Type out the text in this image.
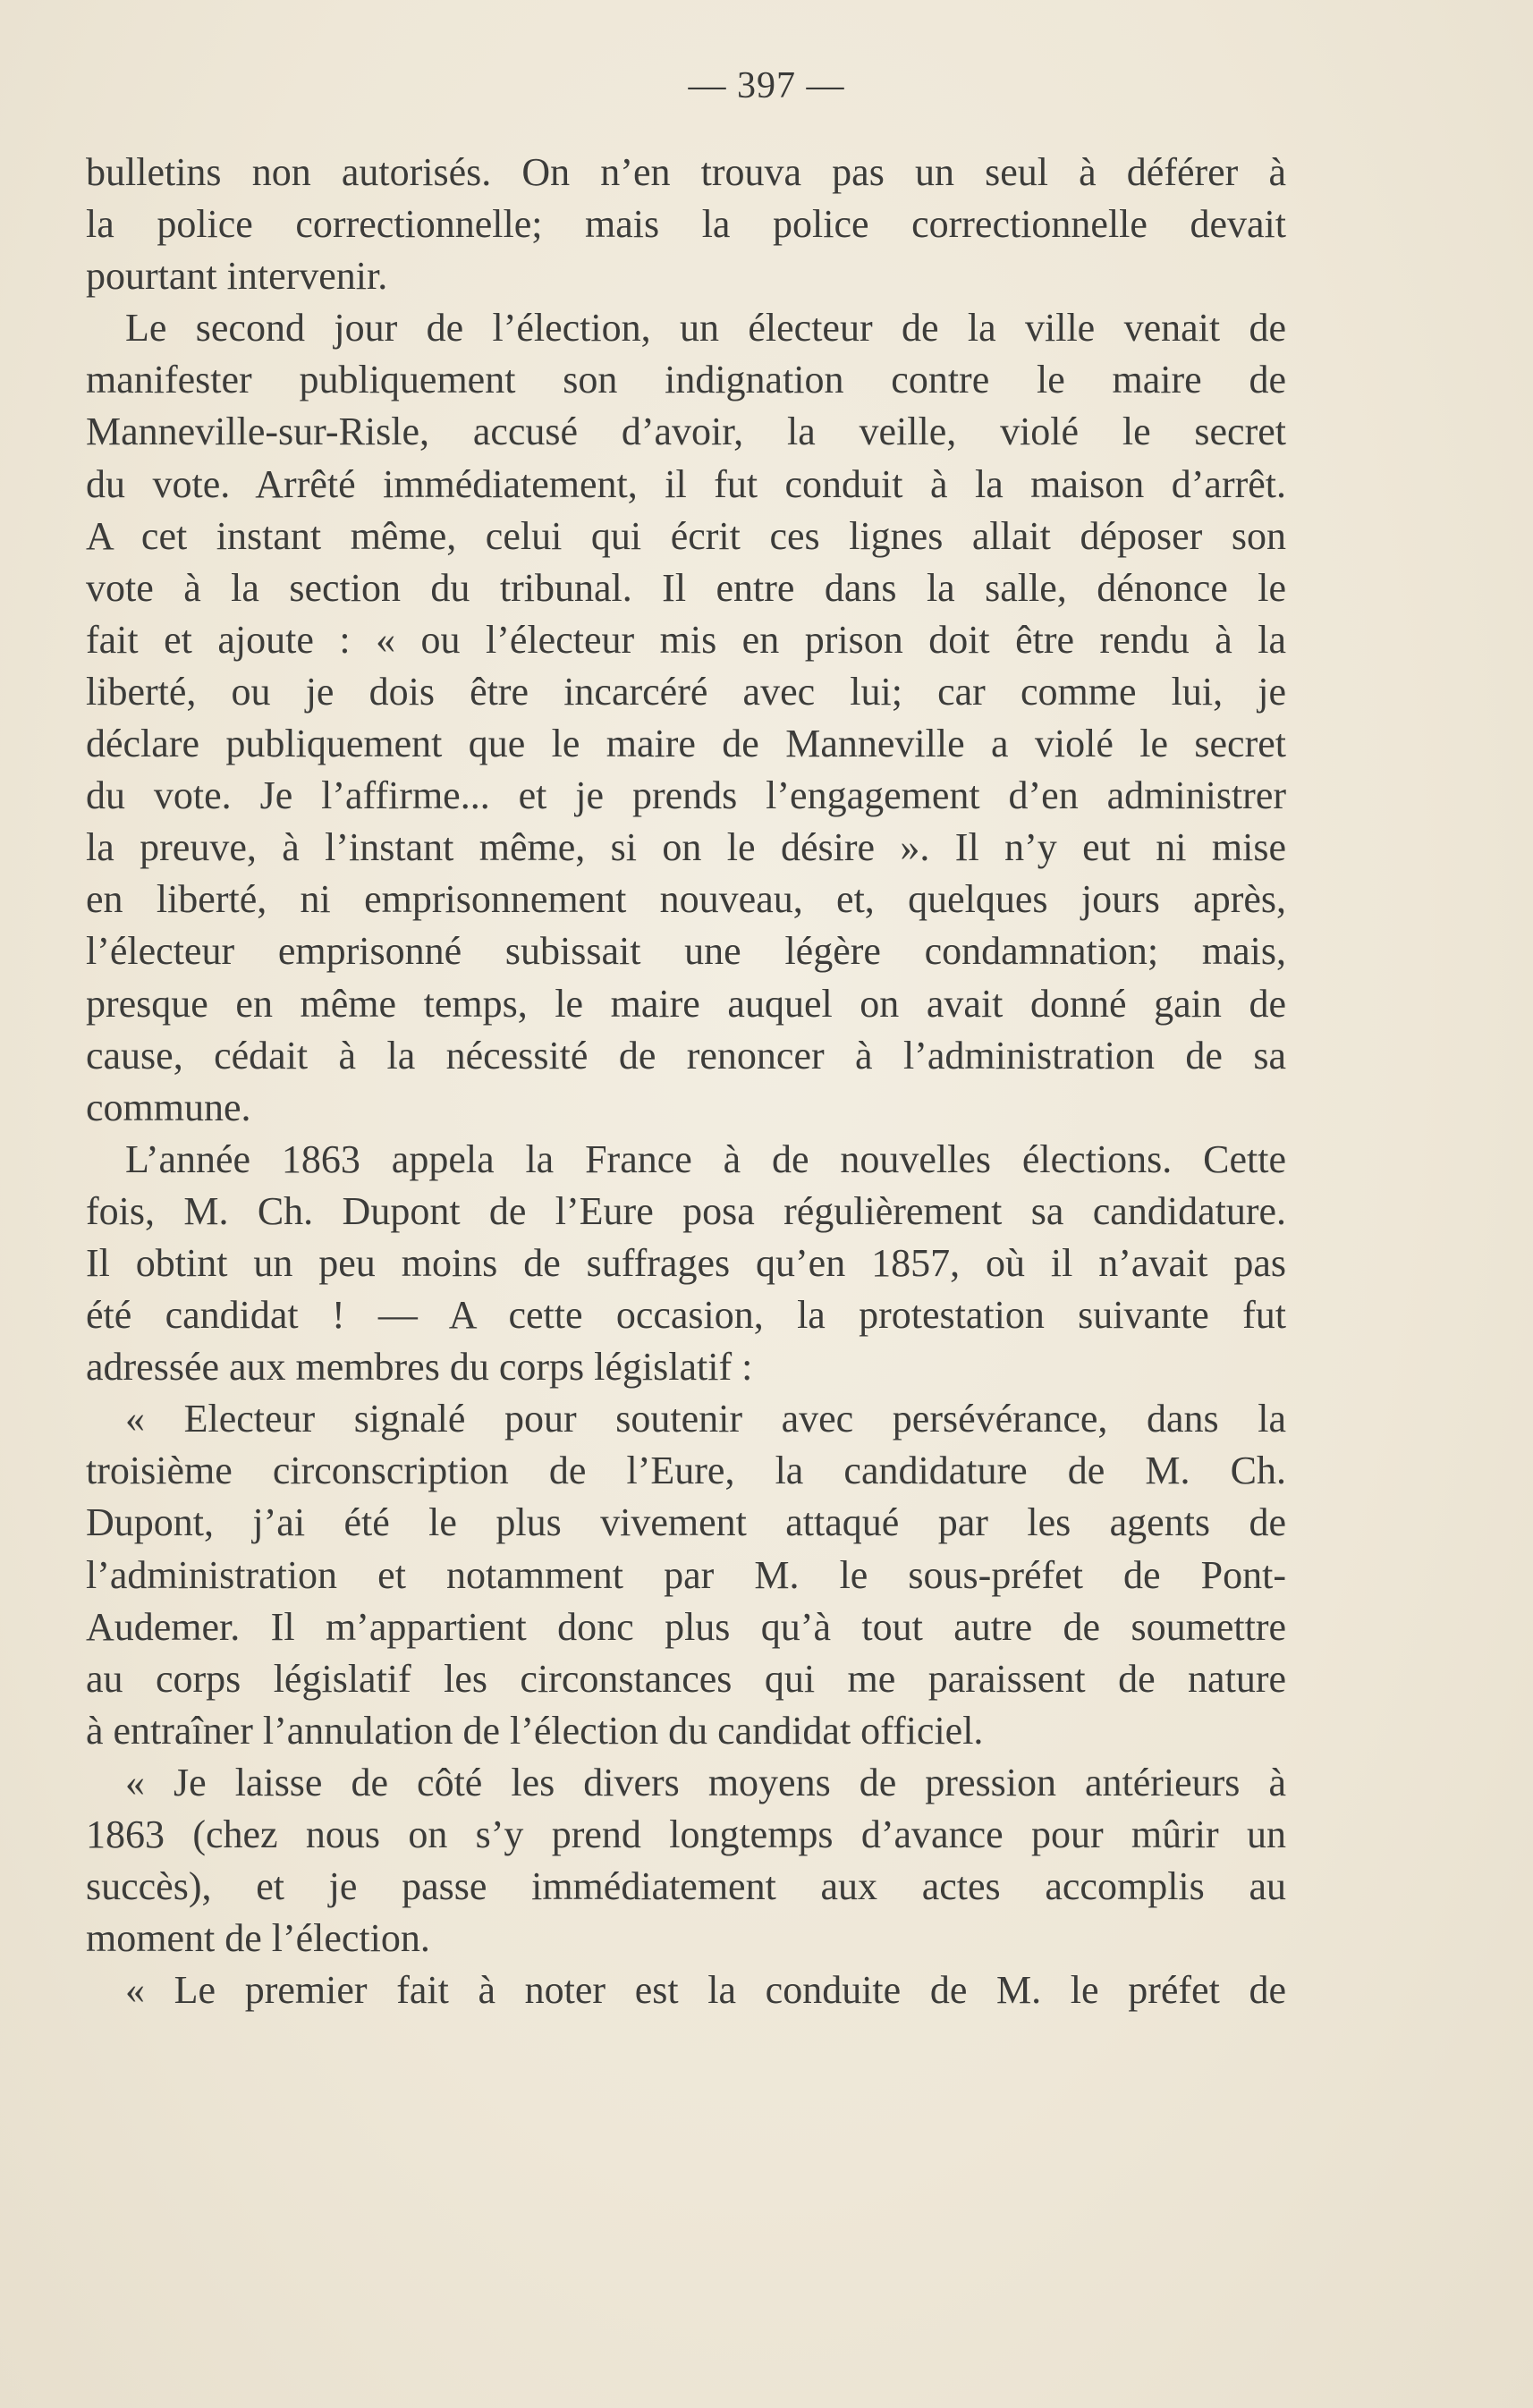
— 397 —
bulletins non autorisés. On n’en trouva pas un seul à déférer à
la police correctionnelle; mais la police correctionnelle devait
pourtant intervenir.
Le second jour de l’élection, un électeur de la ville venait de
manifester publiquement son indignation contre le maire de
Manneville-sur-Risle, accusé d’avoir, la veille, violé le secret
du vote. Arrêté immédiatement, il fut conduit à la maison d’arrêt.
A cet instant même, celui qui écrit ces lignes allait déposer son
vote à la section du tribunal. Il entre dans la salle, dénonce le
fait et ajoute : « ou l’électeur mis en prison doit être rendu à la
liberté, ou je dois être incarcéré avec lui; car comme lui, je
déclare publiquement que le maire de Manneville a violé le secret
du vote. Je l’affirme... et je prends l’engagement d’en administrer
la preuve, à l’instant même, si on le désire ». Il n’y eut ni mise
en liberté, ni emprisonnement nouveau, et, quelques jours après,
l’électeur emprisonné subissait une légère condamnation; mais,
presque en même temps, le maire auquel on avait donné gain de
cause, cédait à la nécessité de renoncer à l’administration de sa
commune.
L’année 1863 appela la France à de nouvelles élections. Cette
fois, M. Ch. Dupont de l’Eure posa régulièrement sa candidature.
Il obtint un peu moins de suffrages qu’en 1857, où il n’avait pas
été candidat ! — A cette occasion, la protestation suivante fut
adressée aux membres du corps législatif :
« Electeur signalé pour soutenir avec persévérance, dans la
troisième circonscription de l’Eure, la candidature de M. Ch.
Dupont, j’ai été le plus vivement attaqué par les agents de
l’administration et notamment par M. le sous-préfet de Pont-
Audemer. Il m’appartient donc plus qu’à tout autre de soumettre
au corps législatif les circonstances qui me paraissent de nature
à entraîner l’annulation de l’élection du candidat officiel.
« Je laisse de côté les divers moyens de pression antérieurs à
1863 (chez nous on s’y prend longtemps d’avance pour mûrir un
succès), et je passe immédiatement aux actes accomplis au
moment de l’élection.
« Le premier fait à noter est la conduite de M. le préfet de
